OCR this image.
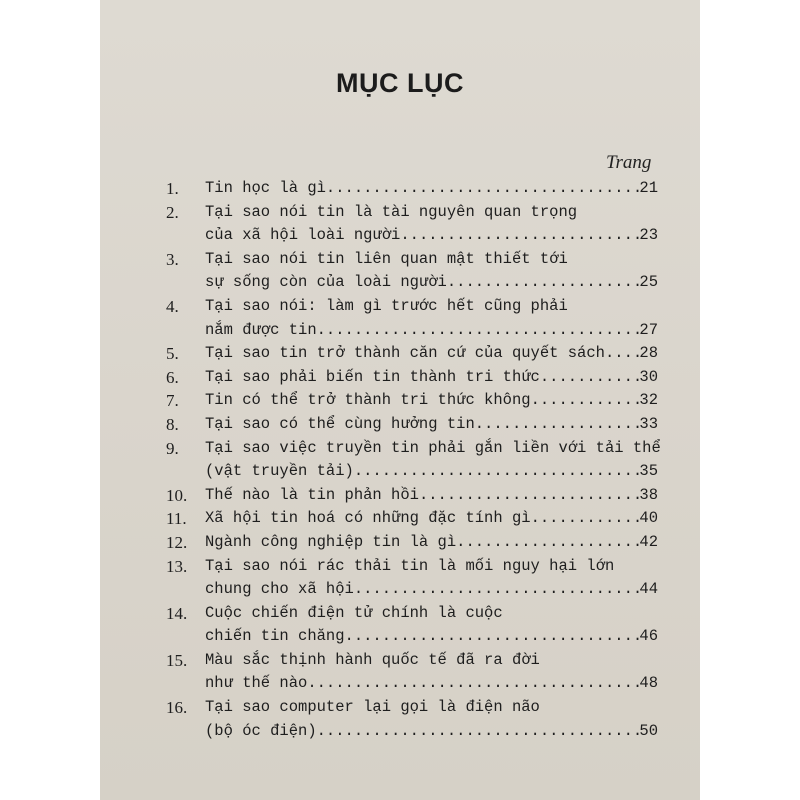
MỤC LỤC
Trang
1.	Tin học là gì .....	21
2.	Tại sao nói tin là tài nguyên quan trọng
của xã hội loài người .....	23
3.	Tại sao nói tin liên quan mật thiết tới
sự sống còn của loài người .....	25
4.	Tại sao nói: làm gì trước hết cũng phải
nắm được tin .....	27
5.	Tại sao tin trở thành căn cứ của quyết sách ..... 28
6.	Tại sao phải biến tin thành tri thức .....	30
7.	Tin có thể trở thành tri thức không .....	32
8.	Tại sao có thể cùng hưởng tin .....	33
9.	Tại sao việc truyền tin phải gắn liền với tải thể
(vật truyền tải) .....	35
10.	Thế nào là tin phản hồi .....	38
11.	Xã hội tin hoá có những đặc tính gì .....	40
12.	Ngành công nghiệp tin là gì .....	42
13.	Tại sao nói rác thải tin là mối nguy hại lớn
chung cho xã hội .....	44
14.	Cuộc chiến điện tử chính là cuộc
chiến tin chăng .....	46
15.	Màu sắc thịnh hành quốc tế đã ra đời
như thế nào .....	48
16.	Tại sao computer lại gọi là điện não
(bộ óc điện) .....	50
